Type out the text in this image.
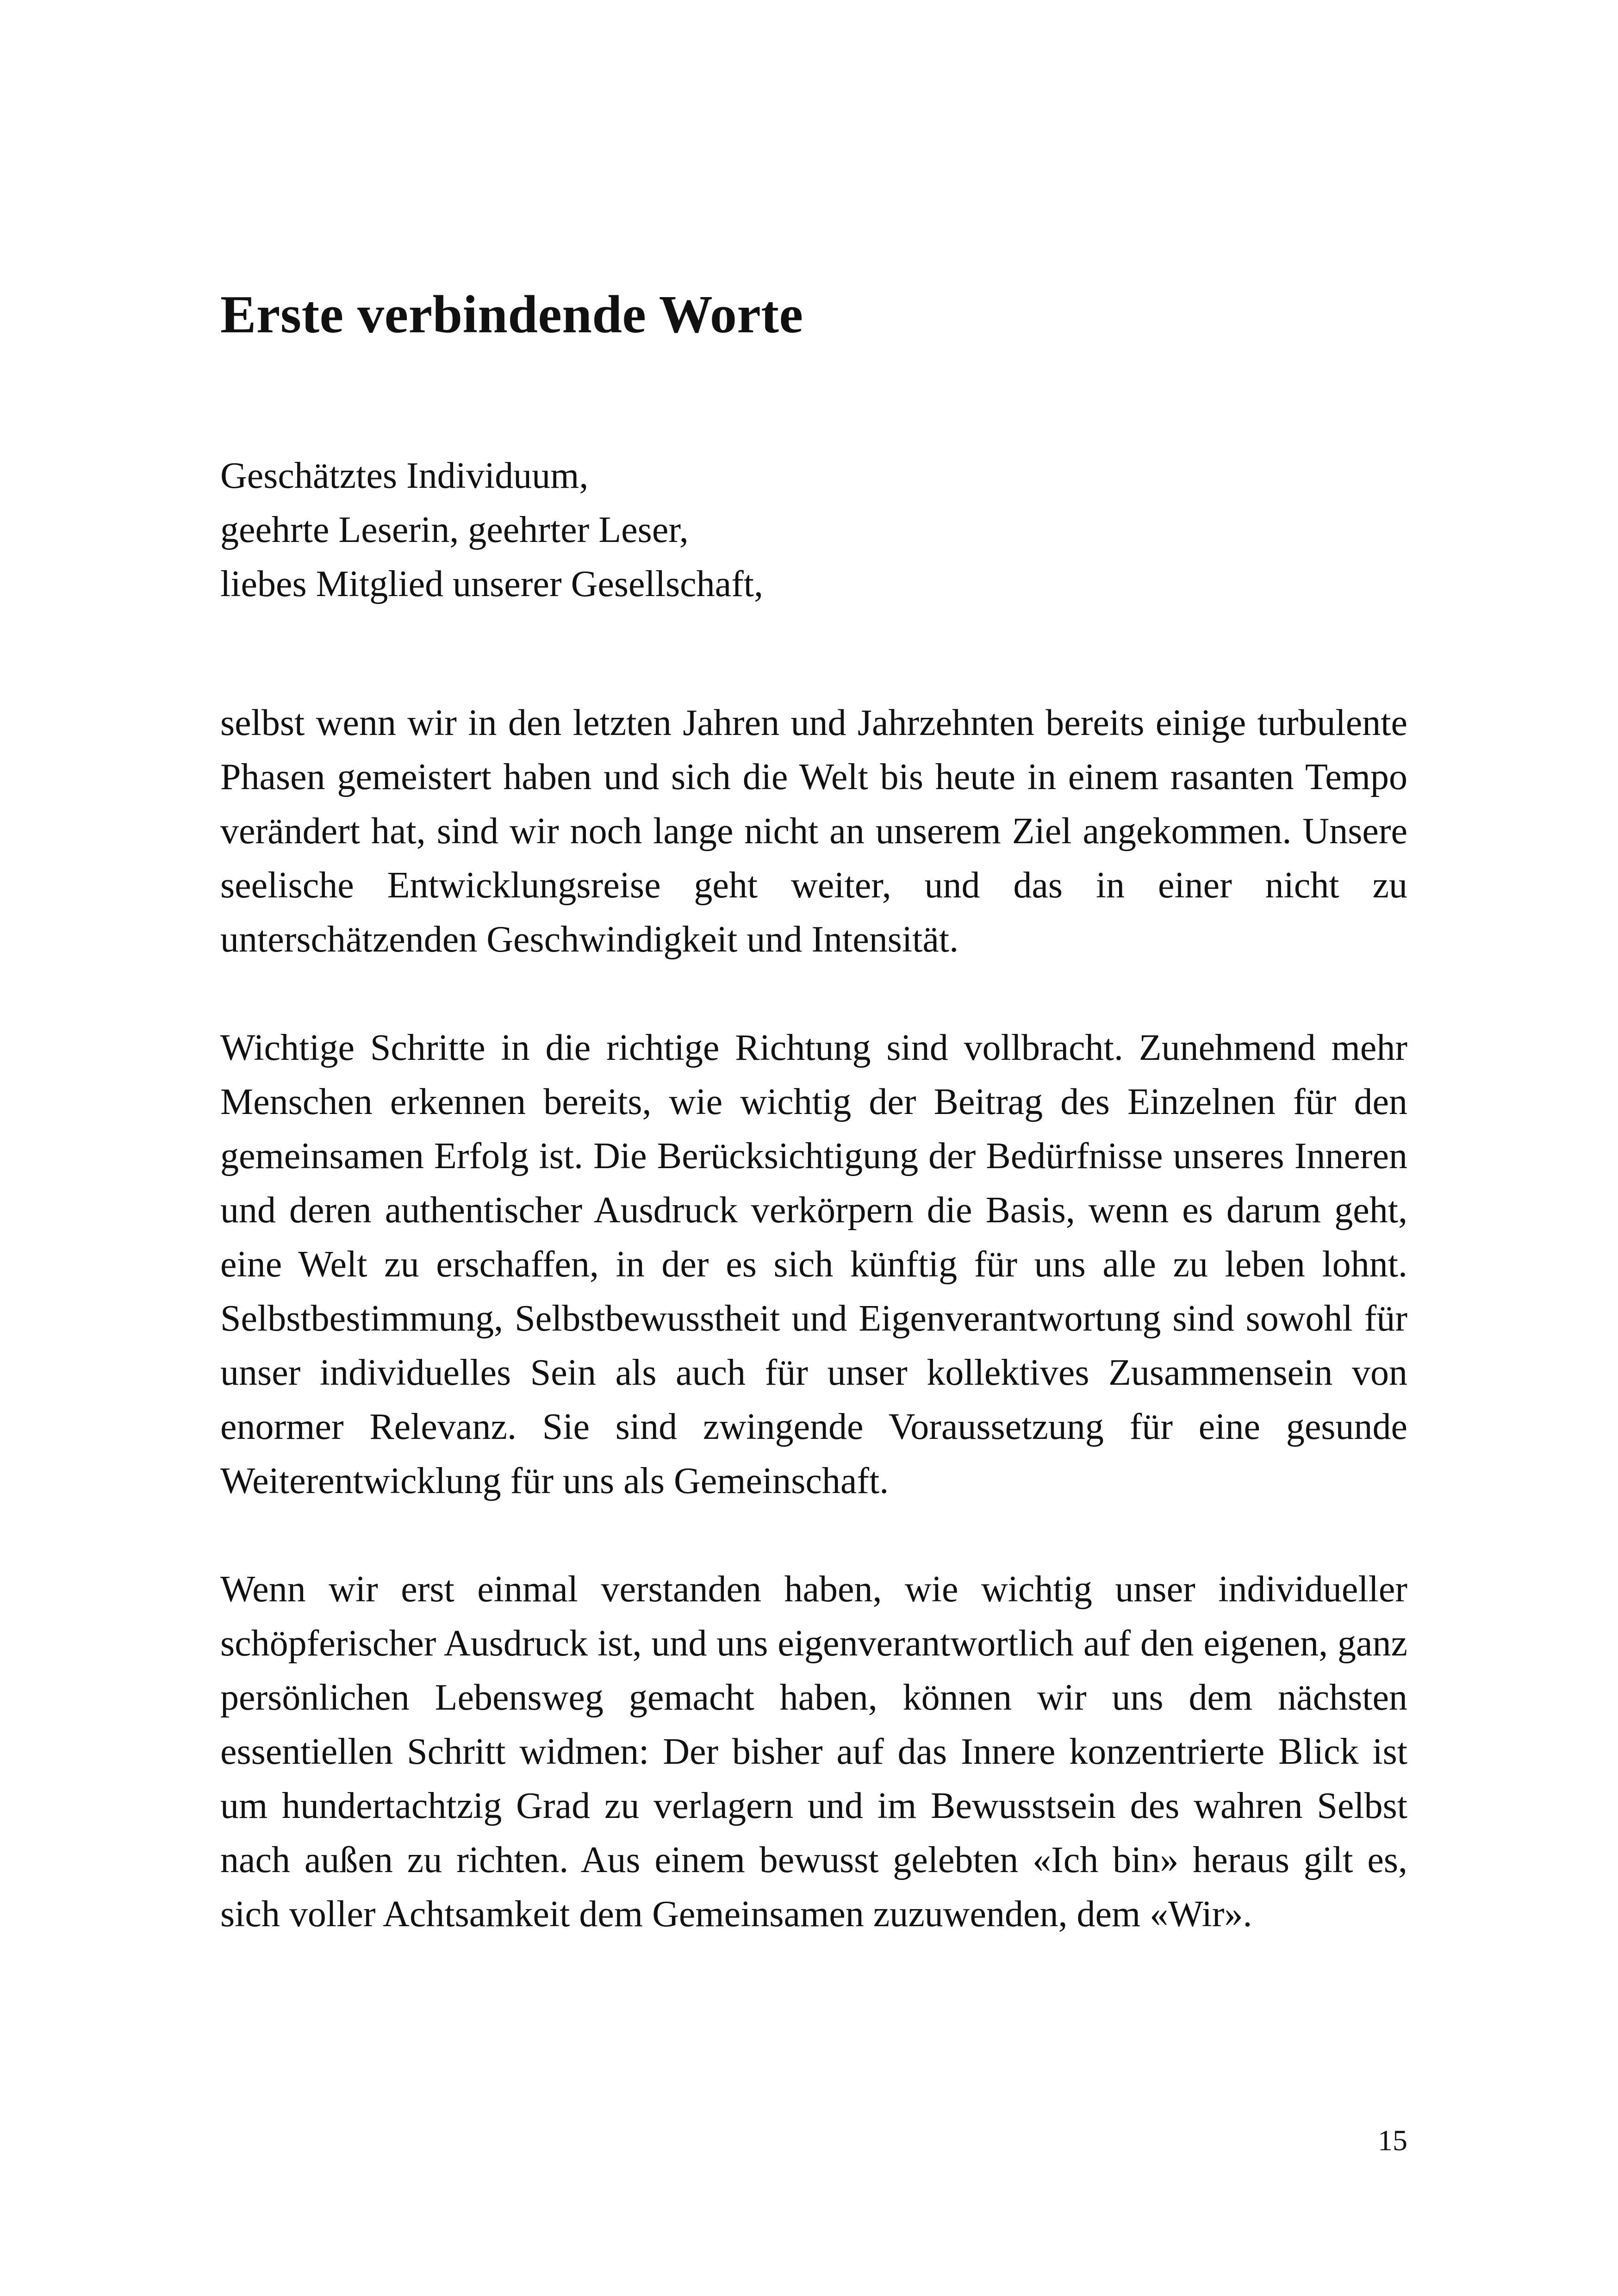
Erste verbindende Worte
Geschätztes Individuum,
geehrte Leserin, geehrter Leser,
liebes Mitglied unserer Gesellschaft,

selbst wenn wir in den letzten Jahren und Jahrzehnten bereits einige turbulente Phasen gemeistert haben und sich die Welt bis heute in einem rasanten Tempo verändert hat, sind wir noch lange nicht an unserem Ziel angekommen. Unsere seelische Entwicklungsreise geht weiter, und das in einer nicht zu unterschätzenden Geschwindigkeit und Intensität.

Wichtige Schritte in die richtige Richtung sind vollbracht. Zunehmend mehr Menschen erkennen bereits, wie wichtig der Beitrag des Einzelnen für den gemeinsamen Erfolg ist. Die Berücksichtigung der Bedürfnisse unseres Inneren und deren authentischer Ausdruck verkörpern die Basis, wenn es darum geht, eine Welt zu erschaffen, in der es sich künftig für uns alle zu leben lohnt. Selbstbestimmung, Selbstbewusstheit und Eigenverantwortung sind sowohl für unser individuelles Sein als auch für unser kollektives Zusammensein von enormer Relevanz. Sie sind zwingende Voraussetzung für eine gesunde Weiterentwicklung für uns als Gemeinschaft.

Wenn wir erst einmal verstanden haben, wie wichtig unser individueller schöpferischer Ausdruck ist, und uns eigenverantwortlich auf den eigenen, ganz persönlichen Lebensweg gemacht haben, können wir uns dem nächsten essentiellen Schritt widmen: Der bisher auf das Innere konzentrierte Blick ist um hundertachtzig Grad zu verlagern und im Bewusstsein des wahren Selbst nach außen zu richten. Aus einem bewusst gelebten «Ich bin» heraus gilt es, sich voller Achtsamkeit dem Gemeinsamen zuzuwenden, dem «Wir».

15
